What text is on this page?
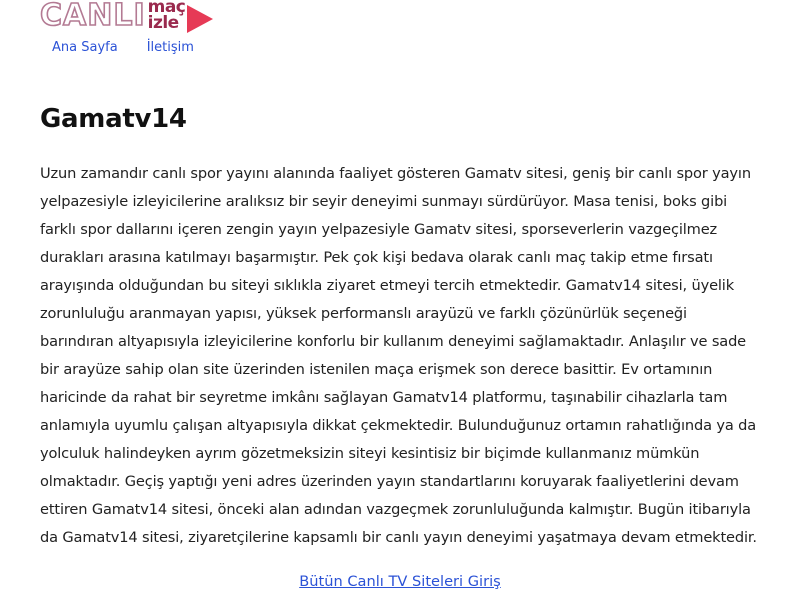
CANLI maç
izle
Ana Sayfa İletişim
Gamatv14

Uzun zamandır canlı spor yayını alanında faaliyet gösteren Gamatv sitesi, geniş bir canlı spor yayın yelpazesiyle izleyicilerine aralıksız bir seyir deneyimi sunmayı sürdürüyor. Masa tenisi, boks gibi farklı spor dallarını içeren zengin yayın yelpazesiyle Gamatv sitesi, sporseverlerin vazgeçilmez durakları arasına katılmayı başarmıştır. Pek çok kişi bedava olarak canlı maç takip etme fırsatı arayışında olduğundan bu siteyi sıklıkla ziyaret etmeyi tercih etmektedir. Gamatv14 sitesi, üyelik zorunluluğu aranmayan yapısı, yüksek performanslı arayüzü ve farklı çözünürlük seçeneği barındıran altyapısıyla izleyicilerine konforlu bir kullanım deneyimi sağlamaktadır. Anlaşılır ve sade bir arayüze sahip olan site üzerinden istenilen maça erişmek son derece basittir. Ev ortamının haricinde da rahat bir seyretme imkânı sağlayan Gamatv14 platformu, taşınabilir cihazlarla tam anlamıyla uyumlu çalışan altyapısıyla dikkat çekmektedir. Bulunduğunuz ortamın rahatlığında ya da yolculuk halindeyken ayrım gözetmeksizin siteyi kesintisiz bir biçimde kullanmanız mümkün olmaktadır. Geçiş yaptığı yeni adres üzerinden yayın standartlarını koruyarak faaliyetlerini devam ettiren Gamatv14 sitesi, önceki alan adından vazgeçmek zorunluluğunda kalmıştır. Bugün itibarıyla da Gamatv14 sitesi, ziyaretçilerine kapsamlı bir canlı yayın deneyimi yaşatmaya devam etmektedir.

Bütün Canlı TV Siteleri Giriş
